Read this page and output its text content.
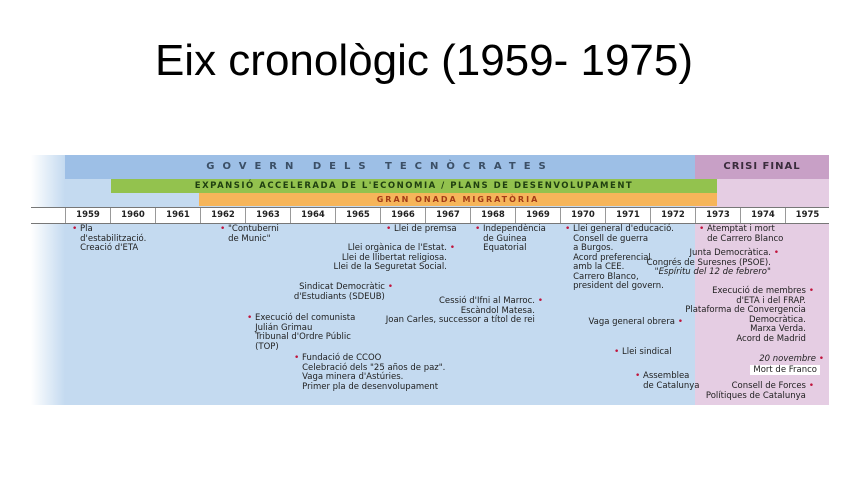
Eix cronològic (1959- 1975)
GOVERN DELS TECNÒCRATES	CRISI FINAL
EXPANSIÓ ACCELERADA DE L'ECONOMIA / PLANS DE DESENVOLUPAMENT
GRAN ONADA MIGRATÒRIA
1959	1960	1961	1962	1963	1964	1965	1966	1967	1968	1969	1970	1971	1972	1973	1974	1975
• Pla
d'estabilització.
Creació d'ETA
• "Contuberni
de Munic"
• Llei de premsa
Llei orgànica de l'Estat. •
Llei de llibertat religiosa.
Llei de la Seguretat Social.
Sindicat Democràtic •
d'Estudiants (SDEUB)
• Execució del comunista
Julián Grimau
Tribunal d'Ordre Públic
(TOP)
• Fundació de CCOO
Celebració dels "25 años de paz".
Vaga minera d'Astúries.
Primer pla de desenvolupament
• Independència
de Guinea
Equatorial
Cessió d'Ifni al Marroc. •
Escàndol Matesa.
Joan Carles, successor a títol de rei
• Llei general d'educació.
Consell de guerra
a Burgos.
Acord preferencial
amb la CEE.
Carrero Blanco,
president del govern.
Vaga general obrera •
• Llei sindical
• Assemblea
de Catalunya
• Atemptat i mort
de Carrero Blanco
Junta Democràtica. •
Congrés de Suresnes (PSOE).
"Espíritu del 12 de febrero"
Execució de membres •
d'ETA i del FRAP.
Plataforma de Convergencia
Democràtica.
Marxa Verda.
Acord de Madrid
20 novembre •
Mort de Franco
Consell de Forces •
Polítiques de Catalunya
